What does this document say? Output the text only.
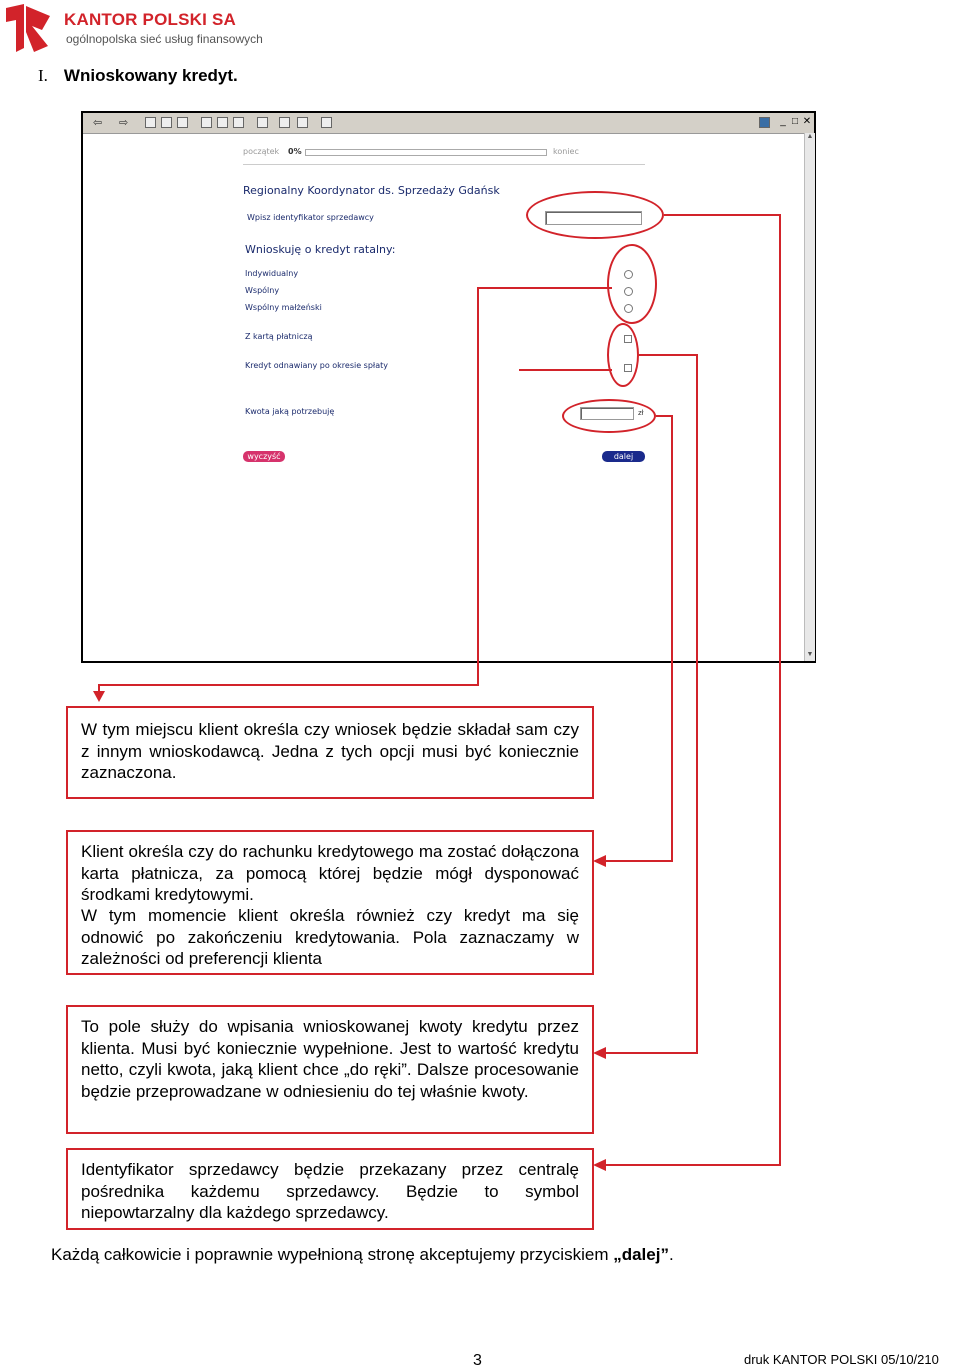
KANTOR POLSKI SA
ogólnopolska sieć usług finansowych
I. Wnioskowany kredyt.
⇦ ⇨	_ □ ✕
▲
▼
początek 0%	koniec
Regionalny Koordynator ds. Sprzedaży Gdańsk
Wpisz identyfikator sprzedawcy
Wnioskuję o kredyt ratalny:
Indywidualny
Wspólny
Wspólny małżeński
Z kartą płatniczą
Kredyt odnawiany po okresie spłaty
Kwota jaką potrzebuję	zł
wyczyść	dalej

W tym miejscu klient określa czy wniosek będzie składał sam czy z innym wnioskodawcą. Jedna z tych opcji musi być koniecznie zaznaczona.

Klient określa czy do rachunku kredytowego ma zostać dołączona karta płatnicza, za pomocą której będzie mógł dysponować środkami kredytowymi.

W tym momencie klient określa również czy kredyt ma się odnowić po zakończeniu kredytowania. Pola zaznaczamy w zależności od preferencji klienta

To pole służy do wpisania wnioskowanej kwoty kredytu przez klienta. Musi być koniecznie wypełnione. Jest to wartość kredytu netto, czyli kwota, jaką klient chce „do ręki”. Dalsze procesowanie będzie przeprowadzane w odniesieniu do tej właśnie kwoty.

Identyfikator sprzedawcy będzie przekazany przez centralę pośrednika każdemu sprzedawcy. Będzie to symbol niepowtarzalny dla każdego sprzedawcy.

Każdą całkowicie i poprawnie wypełnioną stronę akceptujemy przyciskiem „dalej”.
3	druk KANTOR POLSKI 05/10/210
